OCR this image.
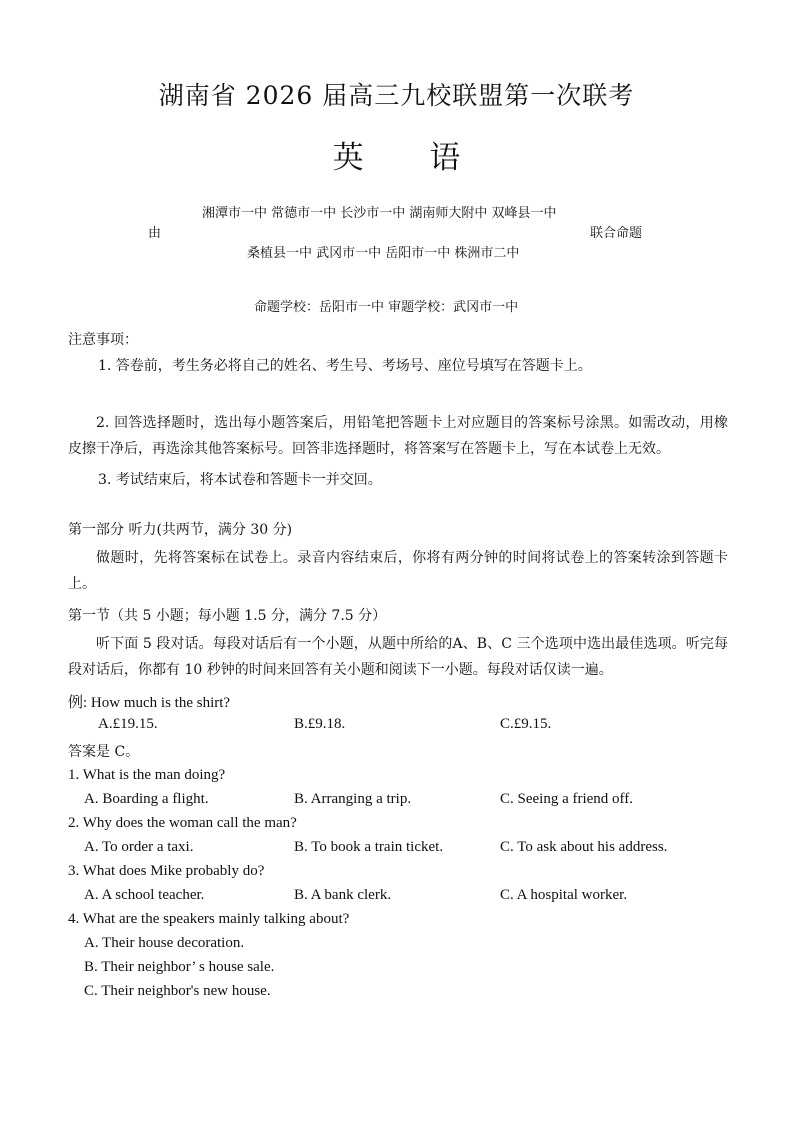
湖南省 2026 届高三九校联盟第一次联考
英 语
湘潭市一中 常德市一中 长沙市一中 湖南师大附中 双峰县一中
由	联合命题
桑植县一中 武冈市一中 岳阳市一中 株洲市二中
命题学校：岳阳市一中 审题学校：武冈市一中
注意事项：
1. 答卷前，考生务必将自己的姓名、考生号、考场号、座位号填写在答题卡上。
2. 回答选择题时，选出每小题答案后，用铅笔把答题卡上对应题目的答案标号涂黑。如需改动，用橡皮擦干净后，再选涂其他答案标号。回答非选择题时，将答案写在答题卡上，写在本试卷上无效。
3. 考试结束后，将本试卷和答题卡一并交回。
第一部分 听力(共两节，满分 30 分)
做题时，先将答案标在试卷上。录音内容结束后，你将有两分钟的时间将试卷上的答案转涂到答题卡上。
第一节（共 5 小题；每小题 1.5 分，满分 7.5 分）
听下面 5 段对话。每段对话后有一个小题，从题中所给的A、B、C 三个选项中选出最佳选项。听完每段对话后，你都有 10 秒钟的时间来回答有关小题和阅读下一小题。每段对话仅读一遍。
例: How much is the shirt?
A.£19.15.	B.£9.18.	C.£9.15.
答案是 C。
1. What is the man doing?
A. Boarding a flight.	B. Arranging a trip.	C. Seeing a friend off.
2. Why does the woman call the man?
A. To order a taxi.	B. To book a train ticket.	C. To ask about his address.
3. What does Mike probably do?
A. A school teacher.	B. A bank clerk.	C. A hospital worker.
4. What are the speakers mainly talking about?
A. Their house decoration.
B. Their neighbor’ s house sale.
C. Their neighbor's new house.
